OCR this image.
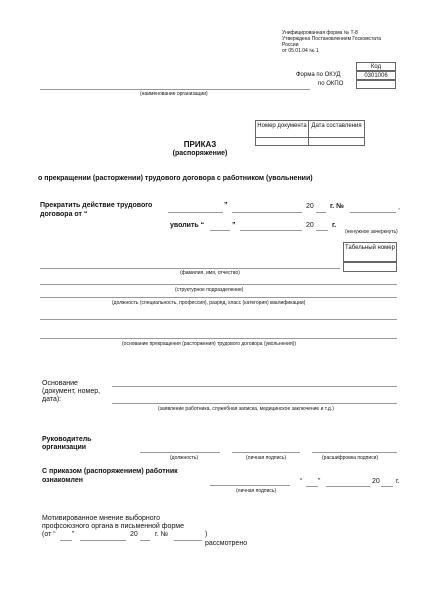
Унифицированная форма № Т-8
Утверждена Постановлением Госкомстата
России
от 05.01.04 № 1
Код
Форма по ОКУД	0301006
по ОКПО
(наименование организации)
Номер документа Дата составления
ПРИКАЗ
(распоряжение)
о прекращении (расторжении) трудового договора с работником (увольнении)
Прекратить действие трудового
договора от “
”	20 г. №	,
уволить “	”	20	г.
(ненужное зачеркнуть)
Табельный номер
(фамилия, имя, отчество)
(структурное подразделение)
(должность (специальность, профессия), разряд, класс (категория) квалификации)
(основание прекращения (расторжения) трудового договора (увольнения))
Основание
(документ, номер,
дата):
(заявление работника, служебная записка, медицинское заключение и т.д.)
Руководитель
организации
(должность)	(личная подпись)	(расшифровка подписи)
С приказом (распоряжением) работник
ознакомлен
(личная подпись)
“ ”	20 г.
Мотивированное мнение выборного
профсоюзного органа в письменной форме
(от “ ”	20 г. №	)
рассмотрено
